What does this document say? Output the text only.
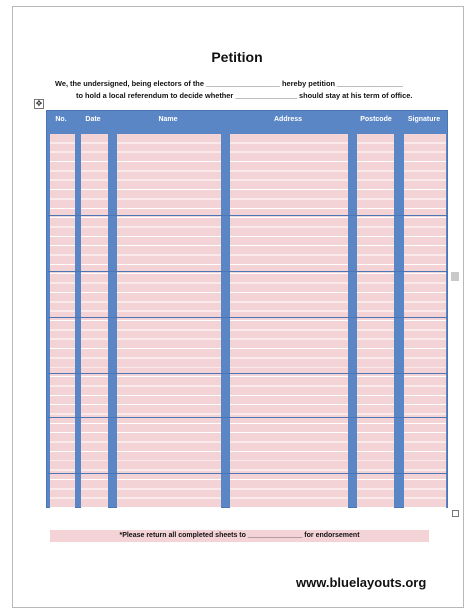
Petition
We, the undersigned, being electors of the __________________ hereby petition ________________
to hold a local referendum to decide whether _______________ should stay at his term of office.
✥
No.	Date	Name	Address	Postcode	Signature
*Please return all completed sheets to ______________ for endorsement
www.bluelayouts.org
